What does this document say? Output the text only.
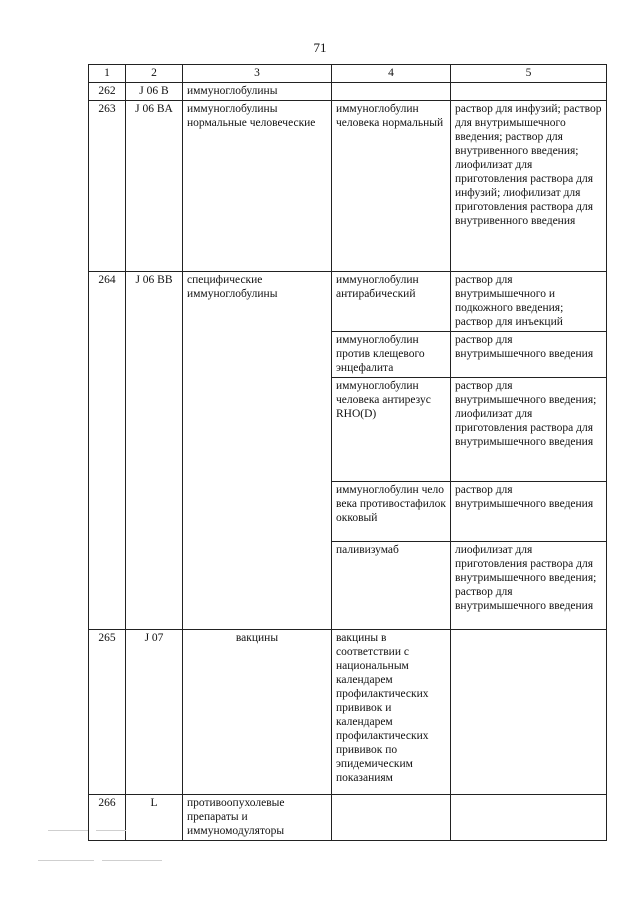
71
1	2	3	4	5
262	J 06 B	иммуноглобулины		
263	J 06 BA	иммуноглобулины нормальные человеческие	иммуноглобулин человека нормальный	раствор для инфузий; раствор для внутримышечного введения; раствор для внутривенного введения; лиофилизат для приготовления раствора для инфузий; лиофилизат для приготовления раствора для внутривенного введения
264	J 06 BB	специфические иммуноглобулины	иммуноглобулин антирабический	раствор для внутримышечного и подкожного введения; раствор для инъекций
			иммуноглобулин против клещевого энцефалита	раствор для внутримышечного введения
			иммуноглобулин человека антирезус RHO(D)	раствор для внутримышечного введения; лиофилизат для приготовления раствора для внутримышечного введения
			иммуноглобулин человека противостафилококковый	раствор для внутримышечного введения
			паливизумаб	лиофилизат для приготовления раствора для внутримышечного введения; раствор для внутримышечного введения
265	J 07	вакцины	вакцины в соответствии с национальным календарем профилактических прививок и календарем профилактических прививок по эпидемическим показаниям	
266	L	противоопухолевые препараты и иммуномодуляторы		
